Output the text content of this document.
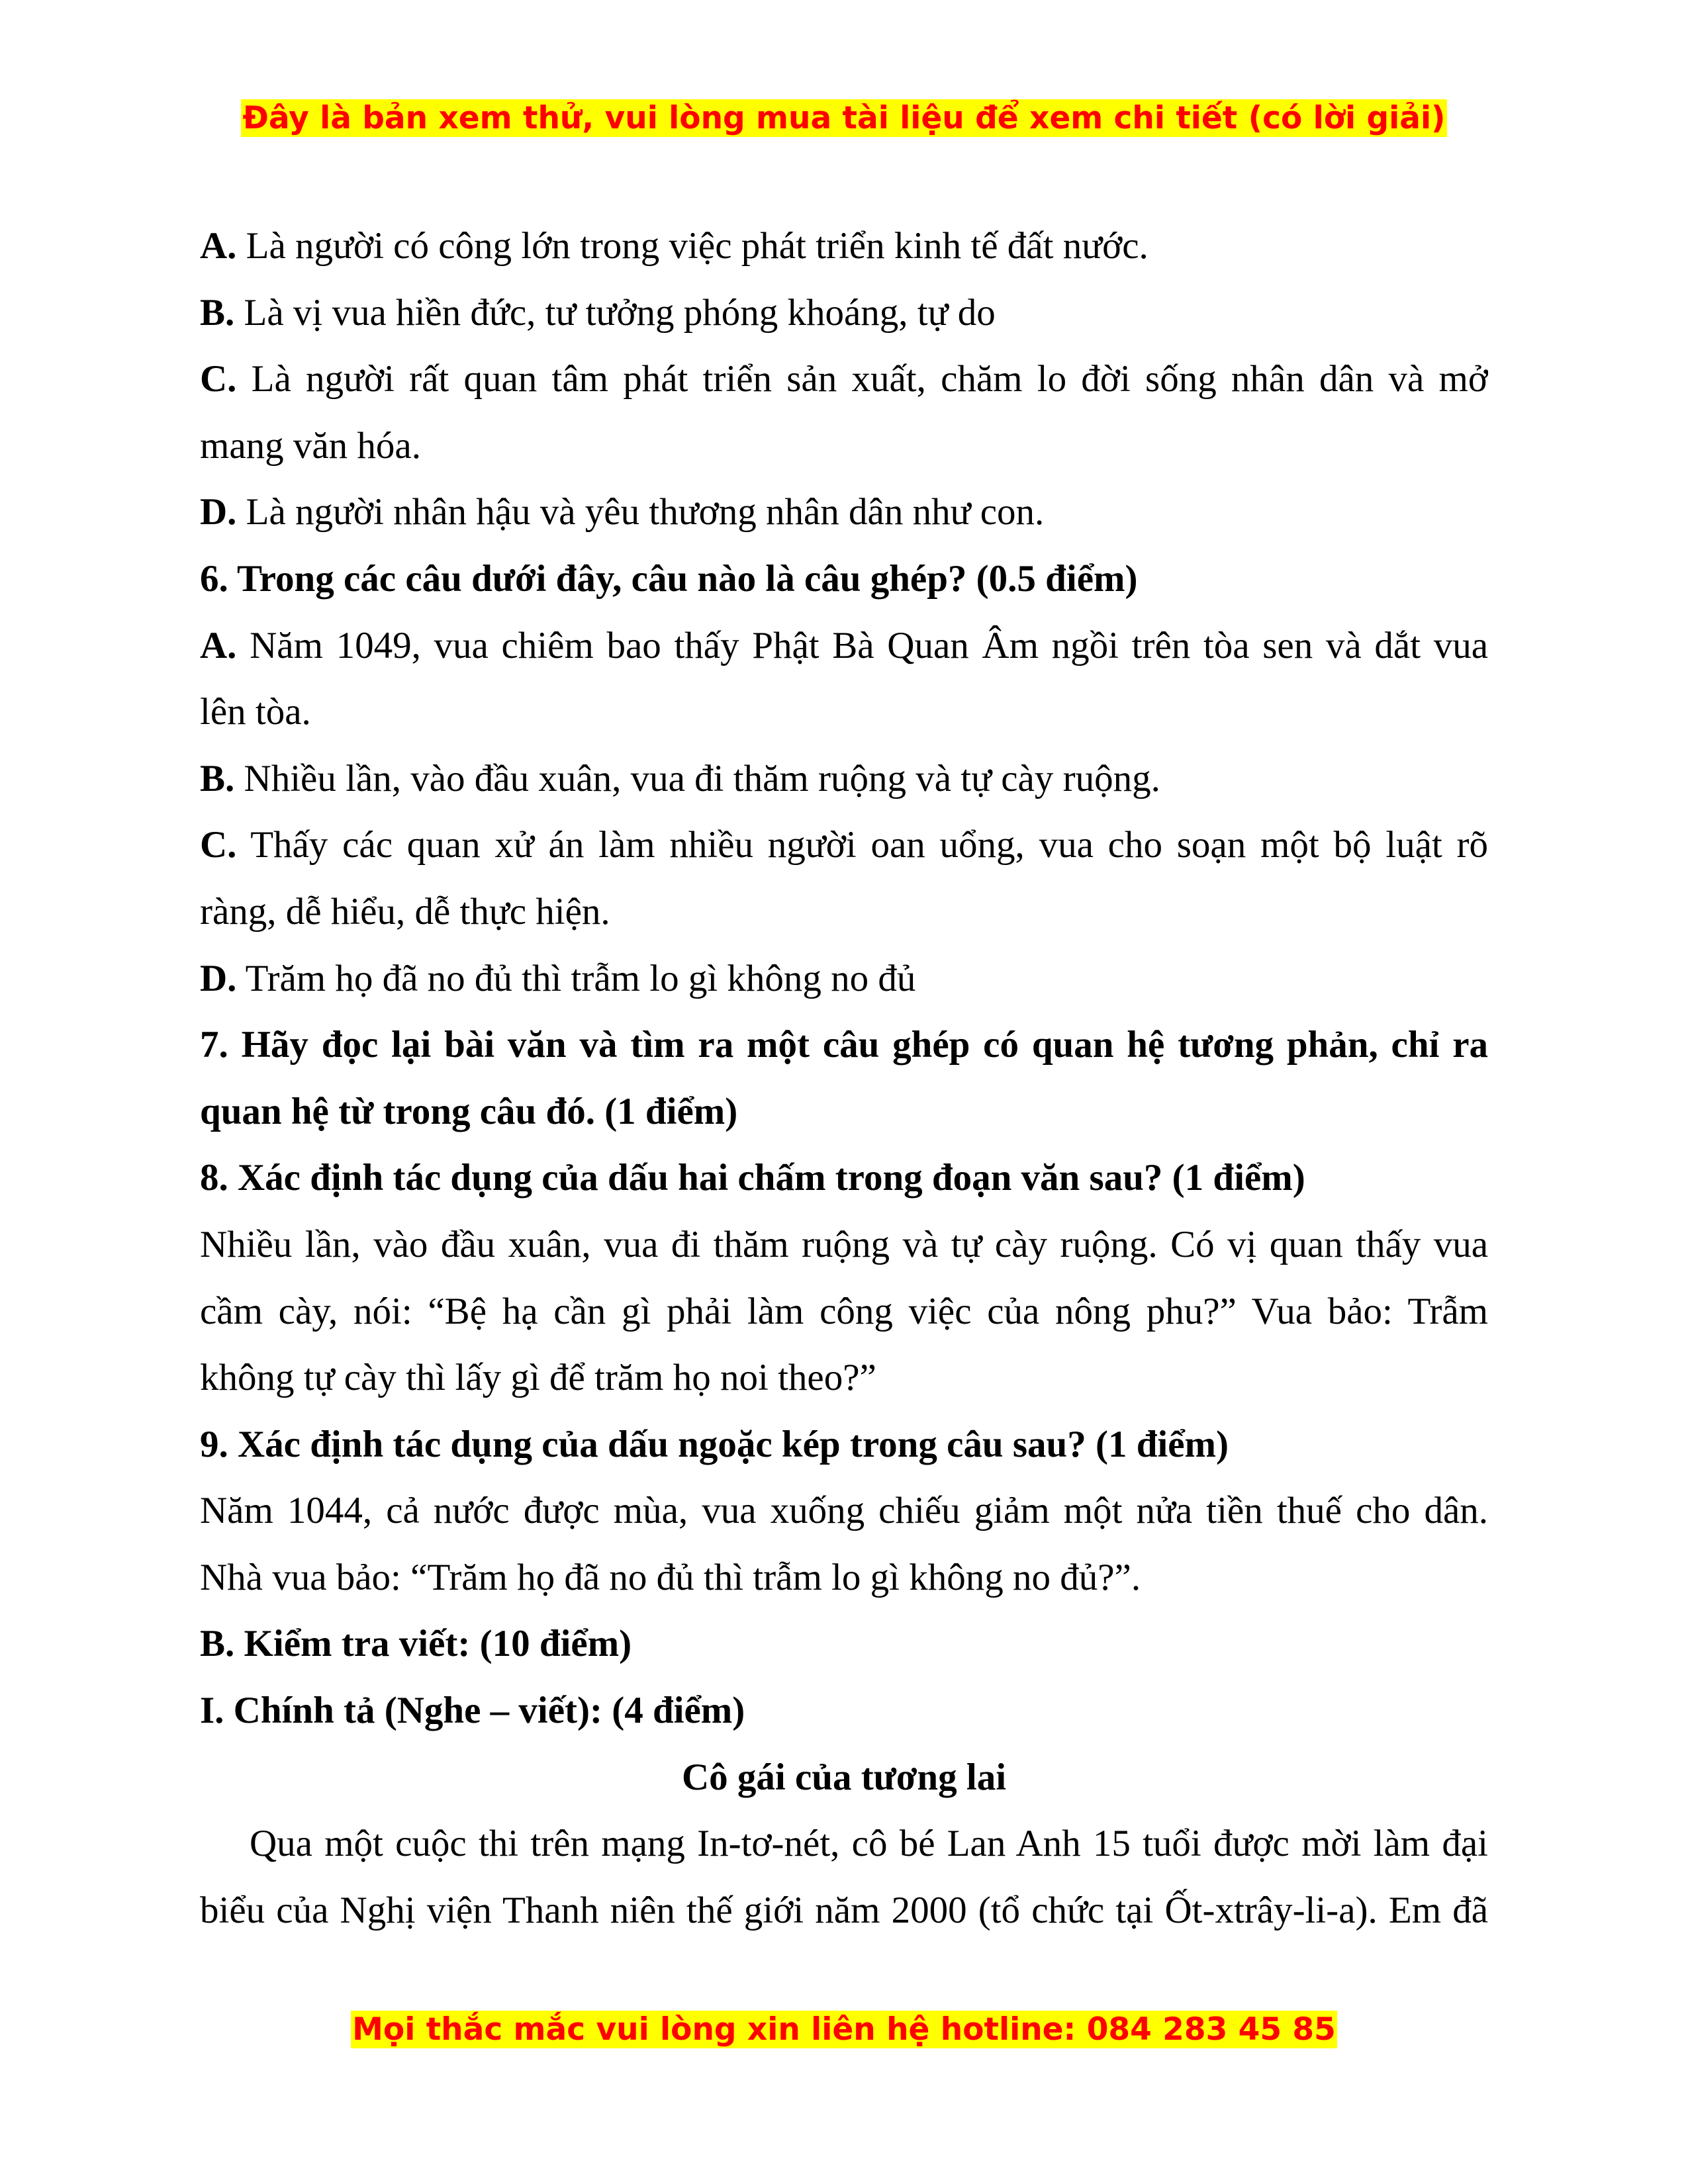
Đây là bản xem thử, vui lòng mua tài liệu để xem chi tiết (có lời giải)
A. Là người có công lớn trong việc phát triển kinh tế đất nước.
B. Là vị vua hiền đức, tư tưởng phóng khoáng, tự do
C. Là người rất quan tâm phát triển sản xuất, chăm lo đời sống nhân dân và mở
mang văn hóa.
D. Là người nhân hậu và yêu thương nhân dân như con.
6. Trong các câu dưới đây, câu nào là câu ghép? (0.5 điểm)
A. Năm 1049, vua chiêm bao thấy Phật Bà Quan Âm ngồi trên tòa sen và dắt vua
lên tòa.
B. Nhiều lần, vào đầu xuân, vua đi thăm ruộng và tự cày ruộng.
C. Thấy các quan xử án làm nhiều người oan uổng, vua cho soạn một bộ luật rõ
ràng, dễ hiểu, dễ thực hiện.
D. Trăm họ đã no đủ thì trẫm lo gì không no đủ
7. Hãy đọc lại bài văn và tìm ra một câu ghép có quan hệ tương phản, chỉ ra
quan hệ từ trong câu đó. (1 điểm)
8. Xác định tác dụng của dấu hai chấm trong đoạn văn sau? (1 điểm)
Nhiều lần, vào đầu xuân, vua đi thăm ruộng và tự cày ruộng. Có vị quan thấy vua
cầm cày, nói: “Bệ hạ cần gì phải làm công việc của nông phu?” Vua bảo: Trẫm
không tự cày thì lấy gì để trăm họ noi theo?”
9. Xác định tác dụng của dấu ngoặc kép trong câu sau? (1 điểm)
Năm 1044, cả nước được mùa, vua xuống chiếu giảm một nửa tiền thuế cho dân.
Nhà vua bảo: “Trăm họ đã no đủ thì trẫm lo gì không no đủ?”.
B. Kiểm tra viết: (10 điểm)
I. Chính tả (Nghe – viết): (4 điểm)
Cô gái của tương lai
Qua một cuộc thi trên mạng In-tơ-nét, cô bé Lan Anh 15 tuổi được mời làm đại
biểu của Nghị viện Thanh niên thế giới năm 2000 (tổ chức tại Ốt-xtrây-li-a). Em đã
Mọi thắc mắc vui lòng xin liên hệ hotline: 084 283 45 85
